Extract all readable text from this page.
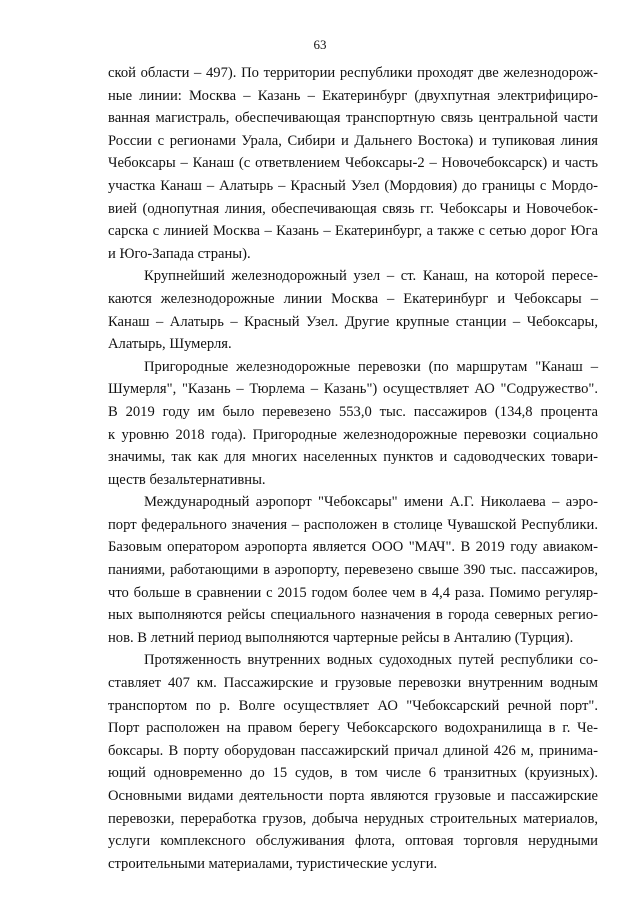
63
ской области – 497). По территории республики проходят две железнодорож-
ные линии: Москва – Казань – Екатеринбург (двухпутная электрифициро-
ванная магистраль, обеспечивающая транспортную связь центральной части
России с регионами Урала, Сибири и Дальнего Востока) и тупиковая линия
Чебоксары – Канаш (с ответвлением Чебоксары-2 – Новочебоксарск) и часть
участка Канаш – Алатырь – Красный Узел (Мордовия) до границы с Мордо-
вией (однопутная линия, обеспечивающая связь гг. Чебоксары и Новочебок-
сарска с линией Москва – Казань – Екатеринбург, а также с сетью дорог Юга
и Юго-Запада страны).
Крупнейший железнодорожный узел – ст. Канаш, на которой пересе-
каются железнодорожные линии Москва – Екатеринбург и Чебоксары –
Канаш – Алатырь – Красный Узел. Другие крупные станции – Чебоксары,
Алатырь, Шумерля.
Пригородные железнодорожные перевозки (по маршрутам "Канаш –
Шумерля", "Казань – Тюрлема – Казань") осуществляет АО "Содружество".
В 2019 году им было перевезено 553,0 тыс. пассажиров (134,8 процента
к уровню 2018 года). Пригородные железнодорожные перевозки социально
значимы, так как для многих населенных пунктов и садоводческих товари-
ществ безальтернативны.
Международный аэропорт "Чебоксары" имени А.Г. Николаева – аэро-
порт федерального значения – расположен в столице Чувашской Республики.
Базовым оператором аэропорта является ООО "МАЧ". В 2019 году авиаком-
паниями, работающими в аэропорту, перевезено свыше 390 тыс. пассажиров,
что больше в сравнении с 2015 годом более чем в 4,4 раза. Помимо регуляр-
ных выполняются рейсы специального назначения в города северных регио-
нов. В летний период выполняются чартерные рейсы в Анталию (Турция).
Протяженность внутренних водных судоходных путей республики со-
ставляет 407 км. Пассажирские и грузовые перевозки внутренним водным
транспортом по р. Волге осуществляет АО "Чебоксарский речной порт".
Порт расположен на правом берегу Чебоксарского водохранилища в г. Че-
боксары. В порту оборудован пассажирский причал длиной 426 м, принима-
ющий одновременно до 15 судов, в том числе 6 транзитных (круизных).
Основными видами деятельности порта являются грузовые и пассажирские
перевозки, переработка грузов, добыча нерудных строительных материалов,
услуги комплексного обслуживания флота, оптовая торговля нерудными
строительными материалами, туристические услуги.
